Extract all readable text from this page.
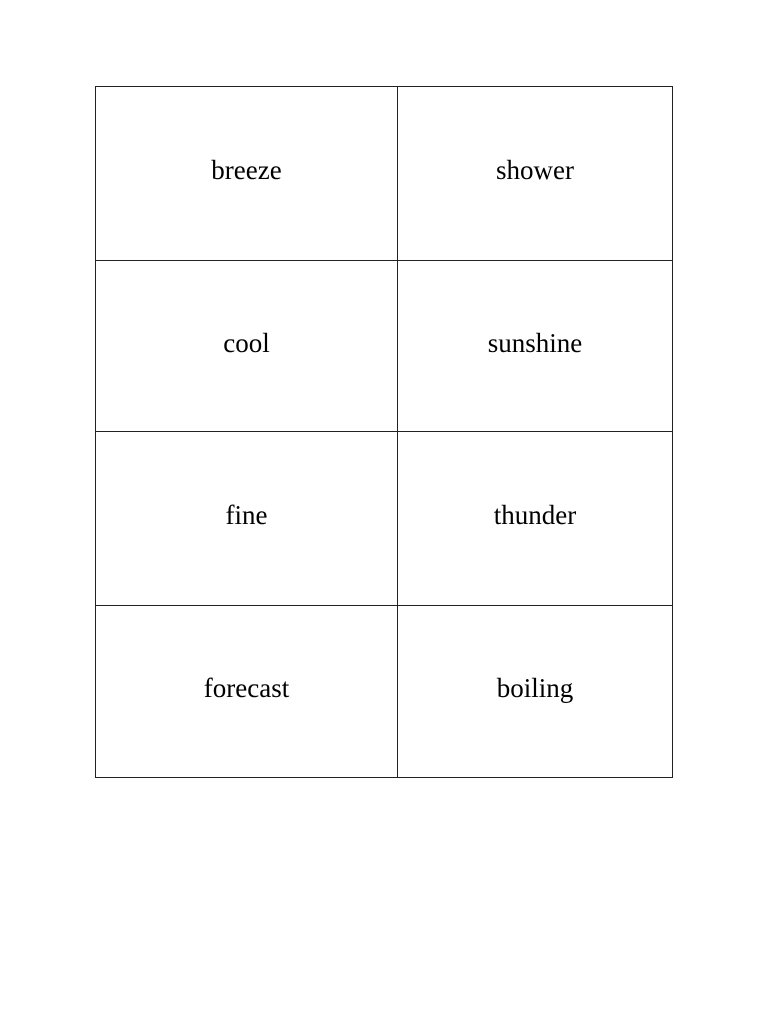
breeze	shower
cool	sunshine
fine	thunder
forecast	boiling
